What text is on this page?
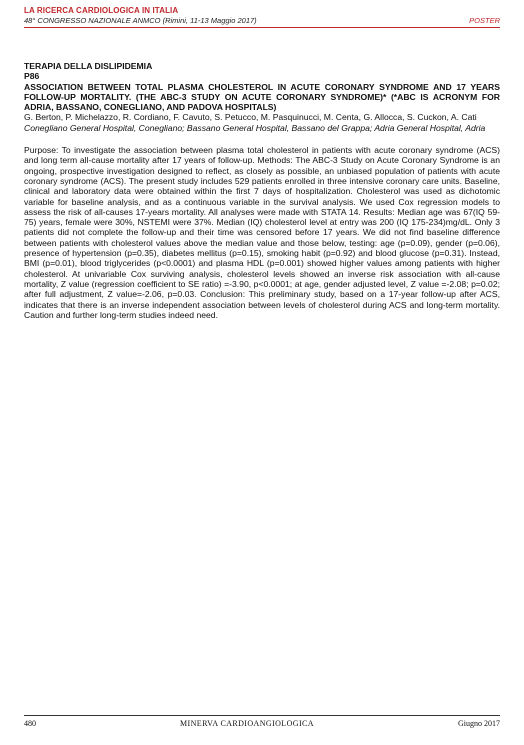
LA RICERCA CARDIOLOGICA IN ITALIA
48° CONGRESSO NAZIONALE ANMCO (Rimini, 11-13 Maggio 2017)	POSTER
TERAPIA DELLA DISLIPIDEMIA
P86
ASSOCIATION BETWEEN TOTAL PLASMA CHOLESTEROL IN ACUTE CORONARY SYNDROME AND 17 YEARS FOLLOW-UP MORTALITY. (THE ABC-3 STUDY ON ACUTE CORONARY SYNDROME)* (*ABC IS ACRONYM FOR ADRIA, BASSANO, CONEGLIANO, AND PADOVA HOSPITALS)
G. Berton, P. Michelazzo, R. Cordiano, F. Cavuto, S. Petucco, M. Pasquinucci, M. Centa, G. Allocca, S. Cuckon, A. Cati
Conegliano General Hospital, Conegliano; Bassano General Hospital, Bassano del Grappa; Adria General Hospital, Adria
Purpose: To investigate the association between plasma total cholesterol in patients with acute coronary syndrome (ACS) and long term all-cause mortality after 17 years of follow-up. Methods: The ABC-3 Study on Acute Coronary Syndrome is an ongoing, prospective investigation designed to reflect, as closely as possible, an unbiased population of patients with acute coronary syndrome (ACS). The present study includes 529 patients enrolled in three intensive coronary care units. Baseline, clinical and laboratory data were obtained within the first 7 days of hospitalization. Cholesterol was used as dichotomic variable for baseline analysis, and as a continuous variable in the survival analysis. We used Cox regression models to assess the risk of all-causes 17-years mortality. All analyses were made with STATA 14. Results: Median age was 67(IQ 59-75) years, female were 30%, NSTEMI were 37%. Median (IQ) cholesterol level at entry was 200 (IQ 175-234)mg/dL. Only 3 patients did not complete the follow-up and their time was censored before 17 years. We did not find baseline difference between patients with cholesterol values above the median value and those below, testing: age (p=0.09), gender (p=0.06), presence of hypertension (p=0.35), diabetes mellitus (p=0.15), smoking habit (p=0.92) and blood glucose (p=0.31). Instead, BMI (p=0.01), blood triglycerides (p<0.0001) and plasma HDL (p=0.001) showed higher values among patients with higher cholesterol. At univariable Cox surviving analysis, cholesterol levels showed an inverse risk association with all-cause mortality, Z value (regression coefficient to SE ratio) =-3.90, p<0.0001; at age, gender adjusted level, Z value =-2.08; p=0.02; after full adjustment, Z value=-2.06, p=0.03. Conclusion: This preliminary study, based on a 17-year follow-up after ACS, indicates that there is an inverse independent association between levels of cholesterol during ACS and long-term mortality. Caution and further long-term studies indeed need.
480	MINERVA CARDIOANGIOLOGICA	Giugno 2017
